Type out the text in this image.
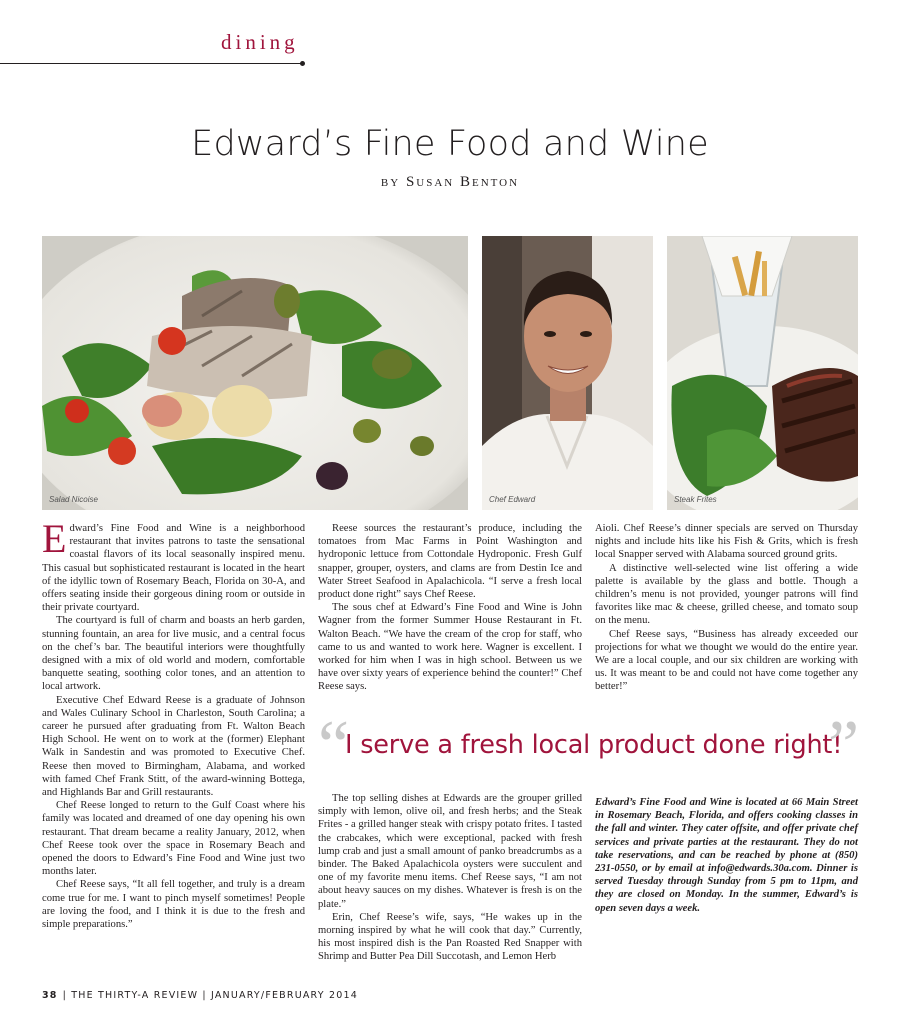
dining
Edward’s Fine Food and Wine
by Susan Benton
Salad Nicoise	Chef Edward	Steak Frites

Edward’s Fine Food and Wine is a neighborhood restaurant that invites patrons to taste the sensational coastal flavors of its local seasonally inspired menu. This casual but sophisticated restaurant is located in the heart of the idyllic town of Rosemary Beach, Florida on 30-A, and offers seating inside their gorgeous dining room or outside in their private courtyard.

The courtyard is full of charm and boasts an herb garden, stunning fountain, an area for live music, and a central focus on the chef’s bar. The beautiful interiors were thoughtfully designed with a mix of old world and modern, comfortable banquette seating, soothing color tones, and an attention to local artwork.

Executive Chef Edward Reese is a graduate of Johnson and Wales Culinary School in Charleston, South Carolina; a career he pursued after graduating from Ft. Walton Beach High School. He went on to work at the (former) Elephant Walk in Sandestin and was promoted to Executive Chef. Reese then moved to Birmingham, Alabama, and worked with famed Chef Frank Stitt, of the award-winning Bottega, and Highlands Bar and Grill restaurants.

Chef Reese longed to return to the Gulf Coast where his family was located and dreamed of one day opening his own restaurant. That dream became a reality January, 2012, when Chef Reese took over the space in Rosemary Beach and opened the doors to Edward’s Fine Food and Wine just two months later.

Chef Reese says, “It all fell together, and truly is a dream come true for me. I want to pinch myself sometimes! People are loving the food, and I think it is due to the fresh and simple preparations.”

Reese sources the restaurant’s produce, including the tomatoes from Mac Farms in Point Washington and hydroponic lettuce from Cottondale Hydroponic. Fresh Gulf snapper, grouper, oysters, and clams are from Destin Ice and Water Street Seafood in Apalachicola. “I serve a fresh local product done right” says Chef Reese.

The sous chef at Edward’s Fine Food and Wine is John Wagner from the former Summer House Restaurant in Ft. Walton Beach. “We have the cream of the crop for staff, who came to us and wanted to work here. Wagner is excellent. I worked for him when I was in high school. Between us we have over sixty years of experience behind the counter!” Chef Reese says.

Aioli. Chef Reese’s dinner specials are served on Thursday nights and include hits like his Fish & Grits, which is fresh local Snapper served with Alabama sourced ground grits.

A distinctive well-selected wine list offering a wide palette is available by the glass and bottle. Though a children’s menu is not provided, younger patrons will find favorites like mac & cheese, grilled cheese, and tomato soup on the menu.

Chef Reese says, “Business has already exceeded our projections for what we thought we would do the entire year. We are a local couple, and our six children are working with us. It was meant to be and could not have come together any better!”

“
I serve a fresh local product done right!
”

The top selling dishes at Edwards are the grouper grilled simply with lemon, olive oil, and fresh herbs; and the Steak Frites - a grilled hanger steak with crispy potato frites. I tasted the crabcakes, which were exceptional, packed with fresh lump crab and just a small amount of panko breadcrumbs as a binder. The Baked Apalachicola oysters were succulent and one of my favorite menu items. Chef Reese says, “I am not about heavy sauces on my dishes. Whatever is fresh is on the plate.”

Erin, Chef Reese’s wife, says, “He wakes up in the morning inspired by what he will cook that day.” Currently, his most inspired dish is the Pan Roasted Red Snapper with Shrimp and Butter Pea Dill Succotash, and Lemon Herb

Edward’s Fine Food and Wine is located at 66 Main Street in Rosemary Beach, Florida, and offers cooking classes in the fall and winter. They cater offsite, and offer private chef services and private parties at the restaurant. They do not take reservations, and can be reached by phone at (850) 231-0550, or by email at info@edwards.30a.com. Dinner is served Tuesday through Sunday from 5 pm to 11pm, and they are closed on Monday. In the summer, Edward’s is open seven days a week.
38 | THE THIRTY-A REVIEW | JANUARY/FEBRUARY 2014
